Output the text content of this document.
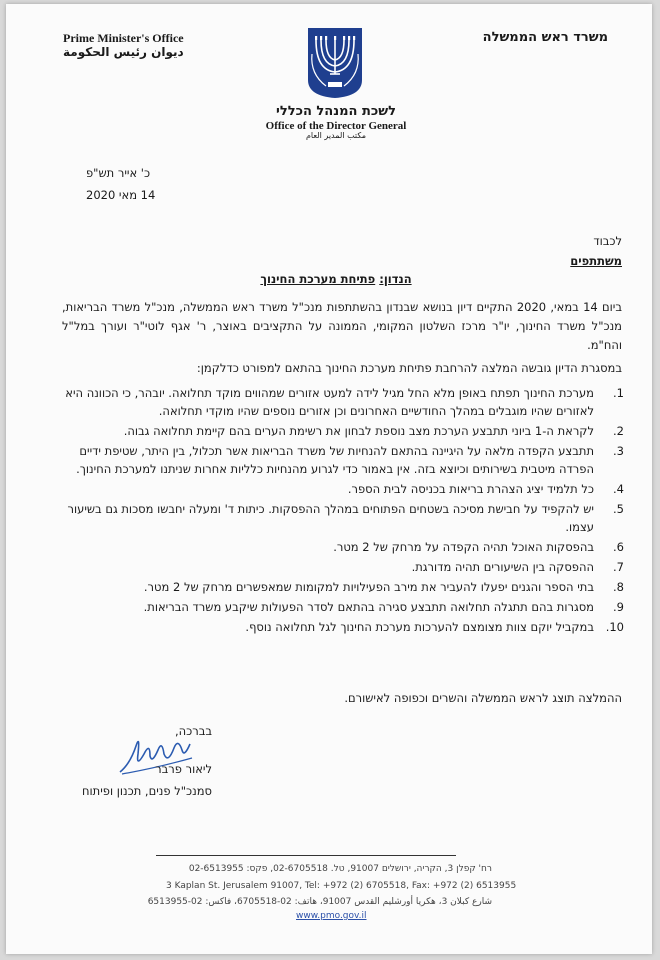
Prime Minister's Office
ديوان رئيس الحكومة
משרד ראש הממשלה
לשכת המנהל הכללי
Office of the Director General
مكتب المدير العام
כ' אייר תש"פ
14 מאי 2020
לכבוד
משתתפים
הנדון: פתיחת מערכת החינוך
ביום 14 במאי, 2020 התקיים דיון בנושא שבנדון בהשתתפות מנכ"ל משרד ראש הממשלה, מנכ"ל משרד הבריאות, מנכ"ל משרד החינוך, יו"ר מרכז השלטון המקומי, הממונה על התקציבים באוצר, ר' אגף לוטי"ר ועורך במל"ל והח"מ.
במסגרת הדיון גובשה המלצה להרחבת פתיחת מערכת החינוך בהתאם למפורט כדלקמן:
1.
מערכת החינוך תפתח באופן מלא החל מגיל לידה למעט אזורים שמהווים מוקד תחלואה. יובהר, כי הכוונה היא לאזורים שהיו מוגבלים במהלך החודשיים האחרונים וכן אזורים נוספים שהיו מוקדי תחלואה.
2.
לקראת ה-1 ביוני תתבצע הערכת מצב נוספת לבחון את רשימת הערים בהם קיימת תחלואה גבוה.
3.
תתבצע הקפדה מלאה על היגיינה בהתאם להנחיות של משרד הבריאות אשר תכלול, בין היתר, שטיפת ידיים הפרדה מיטבית בשירותים וכיוצא בזה. אין באמור כדי לגרוע מהנחיות כלליות אחרות שניתנו למערכת החינוך.
4.
כל תלמיד יציג הצהרת בריאות בכניסה לבית הספר.
5.
יש להקפיד על חבישת מסיכה בשטחים הפתוחים במהלך ההפסקות. כיתות ד' ומעלה יחבשו מסכות גם בשיעור עצמו.
6.
בהפסקות האוכל תהיה הקפדה על מרחק של 2 מטר.
7.
ההפסקה בין השיעורים תהיה מדורגת.
8.
בתי הספר והגנים יפעלו להעביר את מירב הפעילויות למקומות שמאפשרים מרחק של 2 מטר.
9.
מסגרות בהם תתגלה תחלואה תתבצע סגירה בהתאם לסדר הפעולות שיקבע משרד הבריאות.
10.
במקביל יוקם צוות מצומצם להערכות מערכת החינוך לגל תחלואה נוסף.
ההמלצה תוצג לראש הממשלה והשרים וכפופה לאישורם.
בברכה,
ליאור פרבר
סמנכ"ל פנים, תכנון ופיתוח
רח' קפלן 3, הקריה, ירושלים 91007, טל. 02-6705518, פקס: 02-6513955
3 Kaplan St. Jerusalem 91007, Tel: +972 (2) 6705518, Fax: +972 (2) 6513955
شارع كبلان 3، هكريا أورشليم القدس 91007، هاتف: 02-6705518، فاكس: 02-6513955
www.pmo.gov.il
